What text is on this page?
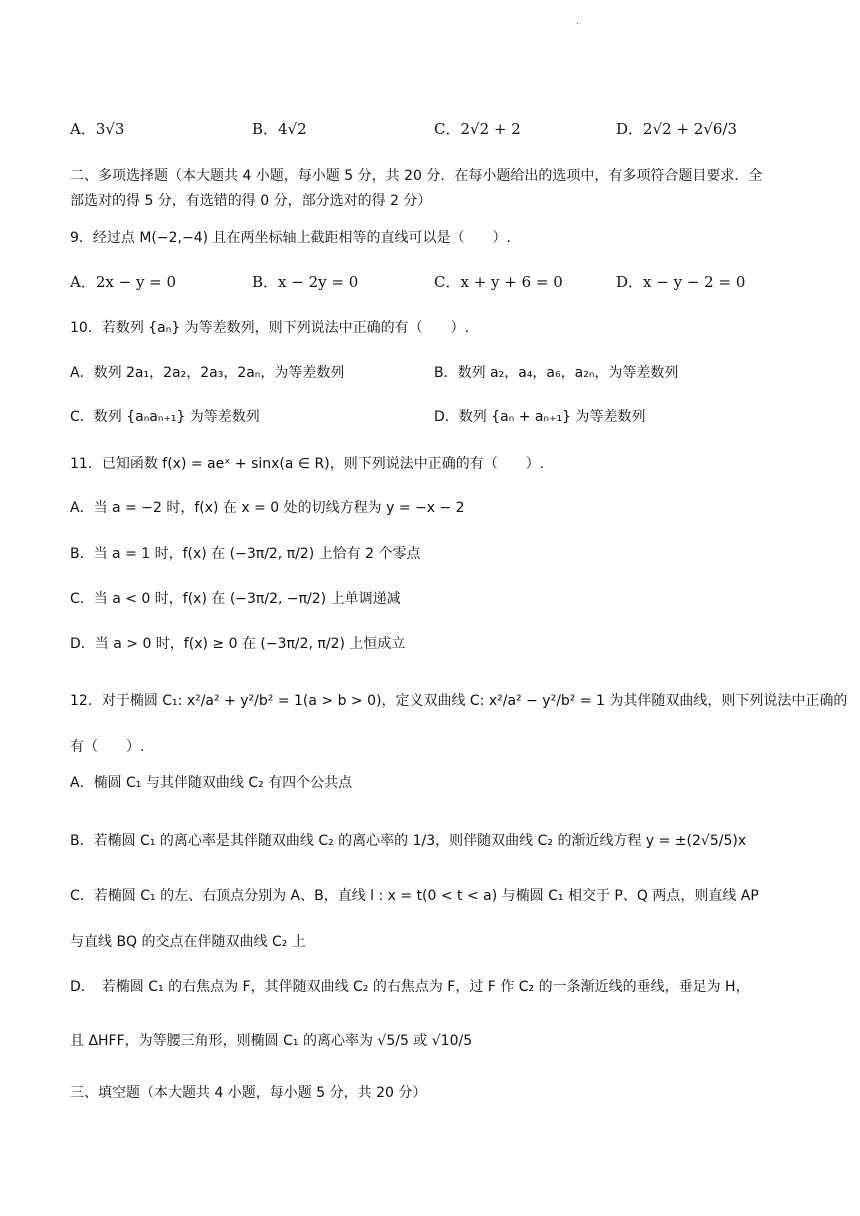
.
A．3√3	B．4√2	C．2√2 + 2	D．2√2 + 2√6/3
二、多项选择题（本大题共 4 小题，每小题 5 分，共 20 分．在每小题给出的选项中，有多项符合题目要求．全
部选对的得 5 分，有选错的得 0 分，部分选对的得 2 分）
9．经过点 M(−2,−4) 且在两坐标轴上截距相等的直线可以是（　　）.
A．2x − y = 0	B．x − 2y = 0	C．x + y + 6 = 0	D．x − y − 2 = 0
10．若数列 {aₙ} 为等差数列，则下列说法中正确的有（　　）.
A．数列 2a₁，2a₂，2a₃，2aₙ，为等差数列	B．数列 a₂，a₄，a₆，a₂ₙ，为等差数列
C．数列 {aₙaₙ₊₁} 为等差数列	D．数列 {aₙ + aₙ₊₁} 为等差数列
11．已知函数 f(x) = aeˣ + sinx(a ∈ R)，则下列说法中正确的有（　　）.
A．当 a = −2 时，f(x) 在 x = 0 处的切线方程为 y = −x − 2
B．当 a = 1 时，f(x) 在 (−3π/2, π/2) 上恰有 2 个零点
C．当 a < 0 时，f(x) 在 (−3π/2, −π/2) 上单调递减
D．当 a > 0 时，f(x) ≥ 0 在 (−3π/2, π/2) 上恒成立
12．对于椭圆 C₁: x²/a² + y²/b² = 1(a > b > 0)，定义双曲线 C: x²/a² − y²/b² = 1 为其伴随双曲线，则下列说法中正确的
有（　　）.
A．椭圆 C₁ 与其伴随双曲线 C₂ 有四个公共点
B．若椭圆 C₁ 的离心率是其伴随双曲线 C₂ 的离心率的 1/3，则伴随双曲线 C₂ 的渐近线方程 y = ±(2√5/5)x
C．若椭圆 C₁ 的左、右顶点分别为 A、B，直线 l : x = t(0 < t < a) 与椭圆 C₁ 相交于 P、Q 两点，则直线 AP
与直线 BQ 的交点在伴随双曲线 C₂ 上
D．　若椭圆 C₁ 的右焦点为 F，其伴随双曲线 C₂ 的右焦点为 F，过 F 作 C₂ 的一条渐近线的垂线，垂足为 H，
且 ΔHFF，为等腰三角形，则椭圆 C₁ 的离心率为 √5/5 或 √10/5
三、填空题（本大题共 4 小题，每小题 5 分，共 20 分）
